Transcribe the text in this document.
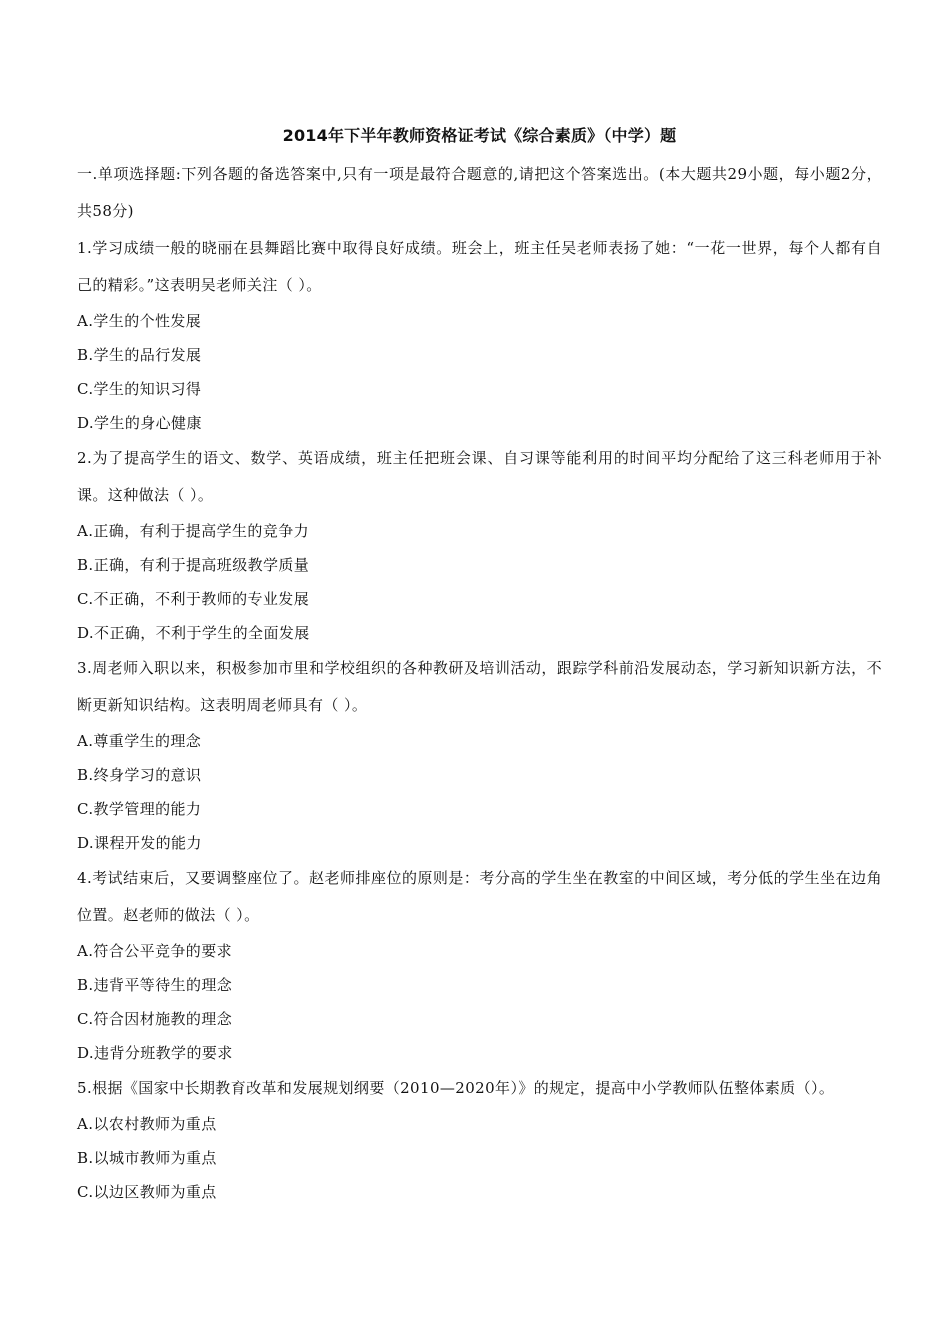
2014年下半年教师资格证考试《综合素质》（中学）题

一.单项选择题:下列各题的备选答案中,只有一项是最符合题意的,请把这个答案选出。(本大题共29小题，每小题2分，共58分)

1.学习成绩一般的晓丽在县舞蹈比赛中取得良好成绩。班会上，班主任吴老师表扬了她：“一花一世界，每个人都有自己的精彩。”这表明吴老师关注（ ）。

A.学生的个性发展

B.学生的品行发展

C.学生的知识习得

D.学生的身心健康

2.为了提高学生的语文、数学、英语成绩，班主任把班会课、自习课等能利用的时间平均分配给了这三科老师用于补课。这种做法（ ）。

A.正确，有利于提高学生的竞争力

B.正确，有利于提高班级教学质量

C.不正确，不利于教师的专业发展

D.不正确，不利于学生的全面发展

3.周老师入职以来，积极参加市里和学校组织的各种教研及培训活动，跟踪学科前沿发展动态，学习新知识新方法，不断更新知识结构。这表明周老师具有（ ）。

A.尊重学生的理念

B.终身学习的意识

C.教学管理的能力

D.课程开发的能力

4.考试结束后，又要调整座位了。赵老师排座位的原则是：考分高的学生坐在教室的中间区域，考分低的学生坐在边角位置。赵老师的做法（ ）。

A.符合公平竞争的要求

B.违背平等待生的理念

C.符合因材施教的理念

D.违背分班教学的要求

5.根据《国家中长期教育改革和发展规划纲要（2010—2020年）》的规定，提高中小学教师队伍整体素质（）。

A.以农村教师为重点

B.以城市教师为重点

C.以边区教师为重点
